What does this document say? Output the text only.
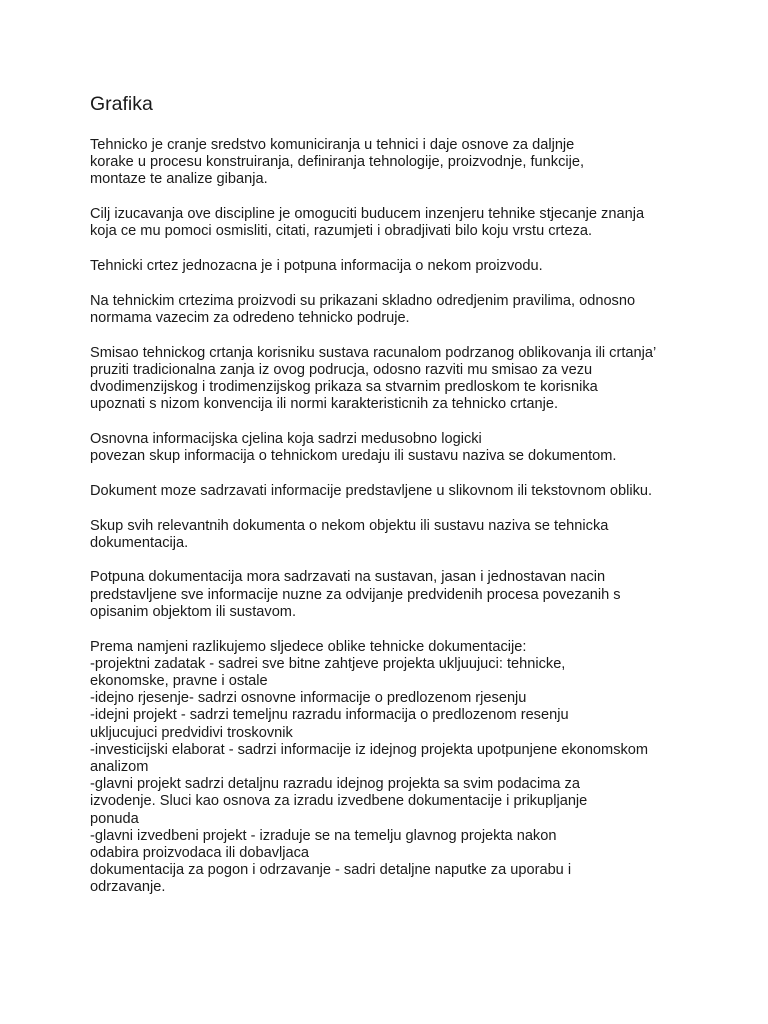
Grafika

Tehnicko je cranje sredstvo komuniciranja u tehnici i daje osnove za daljnje
korake u procesu konstruiranja, definiranja tehnologije, proizvodnje, funkcije,
montaze te analize gibanja.

Cilj izucavanja ove discipline je omoguciti buducem inzenjeru tehnike stjecanje znanja
koja ce mu pomoci osmisliti, citati, razumjeti i obradjivati bilo koju vrstu crteza.

Tehnicki crtez jednozacna je i potpuna informacija o nekom proizvodu.

Na tehnickim crtezima proizvodi su prikazani skladno odredjenim pravilima, odnosno
normama vazecim za odredeno tehnicko podruje.

Smisao tehnickog crtanja korisniku sustava racunalom podrzanog oblikovanja ili crtanja’
pruziti tradicionalna zanja iz ovog podrucja, odosno razviti mu smisao za vezu
dvodimenzijskog i trodimenzijskog prikaza sa stvarnim predloskom te korisnika
upoznati s nizom konvencija ili normi karakteristicnih za tehnicko crtanje.

Osnovna informacijska cjelina koja sadrzi medusobno logicki
povezan skup informacija o tehnickom uredaju ili sustavu naziva se dokumentom.

Dokument moze sadrzavati informacije predstavljene u slikovnom ili tekstovnom obliku.

Skup svih relevantnih dokumenta o nekom objektu ili sustavu naziva se tehnicka
dokumentacija.

Potpuna dokumentacija mora sadrzavati na sustavan, jasan i jednostavan nacin
predstavljene sve informacije nuzne za odvijanje predvidenih procesa povezanih s
opisanim objektom ili sustavom.

Prema namjeni razlikujemo sljedece oblike tehnicke dokumentacije:
-projektni zadatak - sadrei sve bitne zahtjeve projekta ukljuujuci: tehnicke,
ekonomske, pravne i ostale
-idejno rjesenje- sadrzi osnovne informacije o predlozenom rjesenju
-idejni projekt - sadrzi temeljnu razradu informacija o predlozenom resenju
ukljucujuci predvidivi troskovnik
-investicijski elaborat - sadrzi informacije iz idejnog projekta upotpunjene ekonomskom
analizom
-glavni projekt sadrzi detaljnu razradu idejnog projekta sa svim podacima za
izvodenje. Sluci kao osnova za izradu izvedbene dokumentacije i prikupljanje
ponuda
-glavni izvedbeni projekt - izraduje se na temelju glavnog projekta nakon
odabira proizvodaca ili dobavljaca
dokumentacija za pogon i odrzavanje - sadri detaljne naputke za uporabu i
odrzavanje.
